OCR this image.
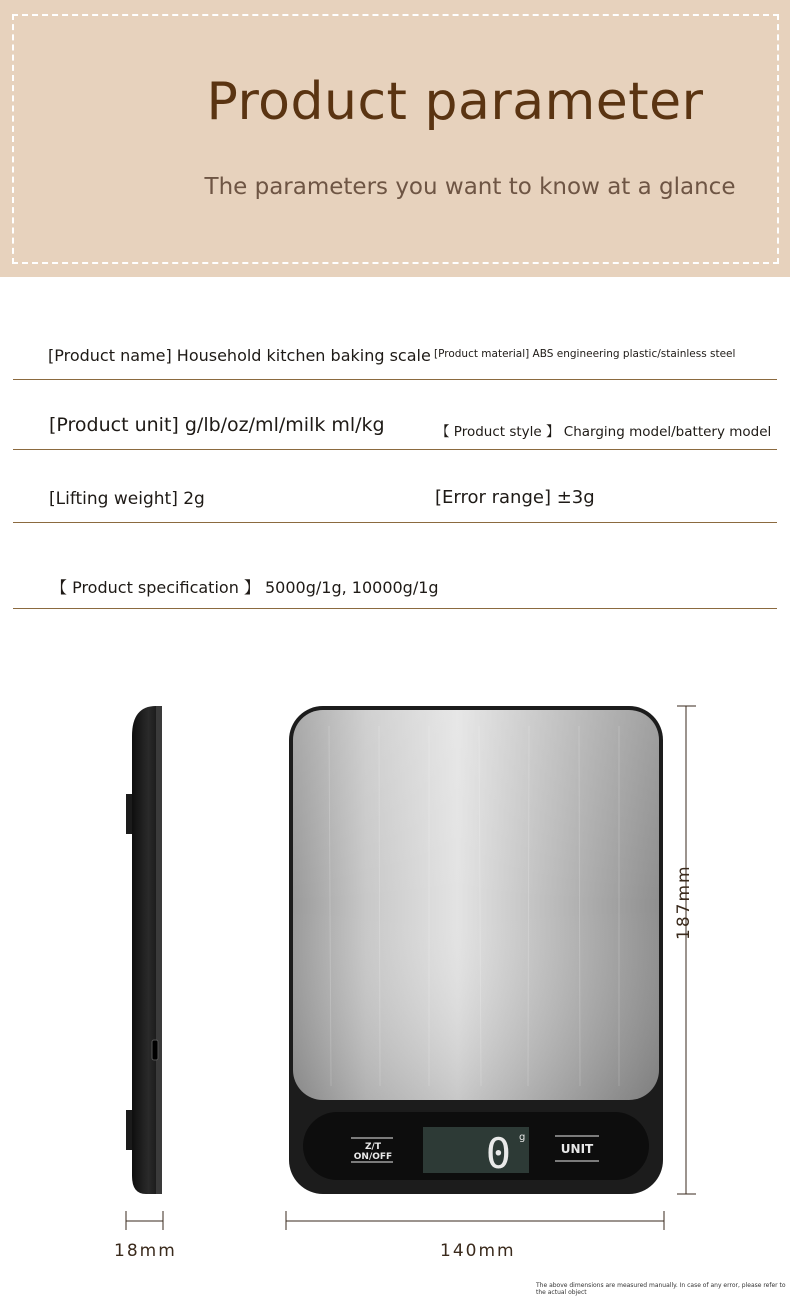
Product parameter
The parameters you want to know at a glance
[Product name] Household kitchen baking scale [Product material] ABS engineering plastic/stainless steel
[Product unit] g/lb/oz/ml/milk ml/kg	【 Product style 】 Charging model/battery model
[Lifting weight] 2g	[Error range] ±3g
【 Product specification 】 5000g/1g, 10000g/1g
0 g
Z/T
ON/OFF
UNIT
187mm
140mm
18mm
The above dimensions are measured manually. In case of any error, please refer to the actual object
